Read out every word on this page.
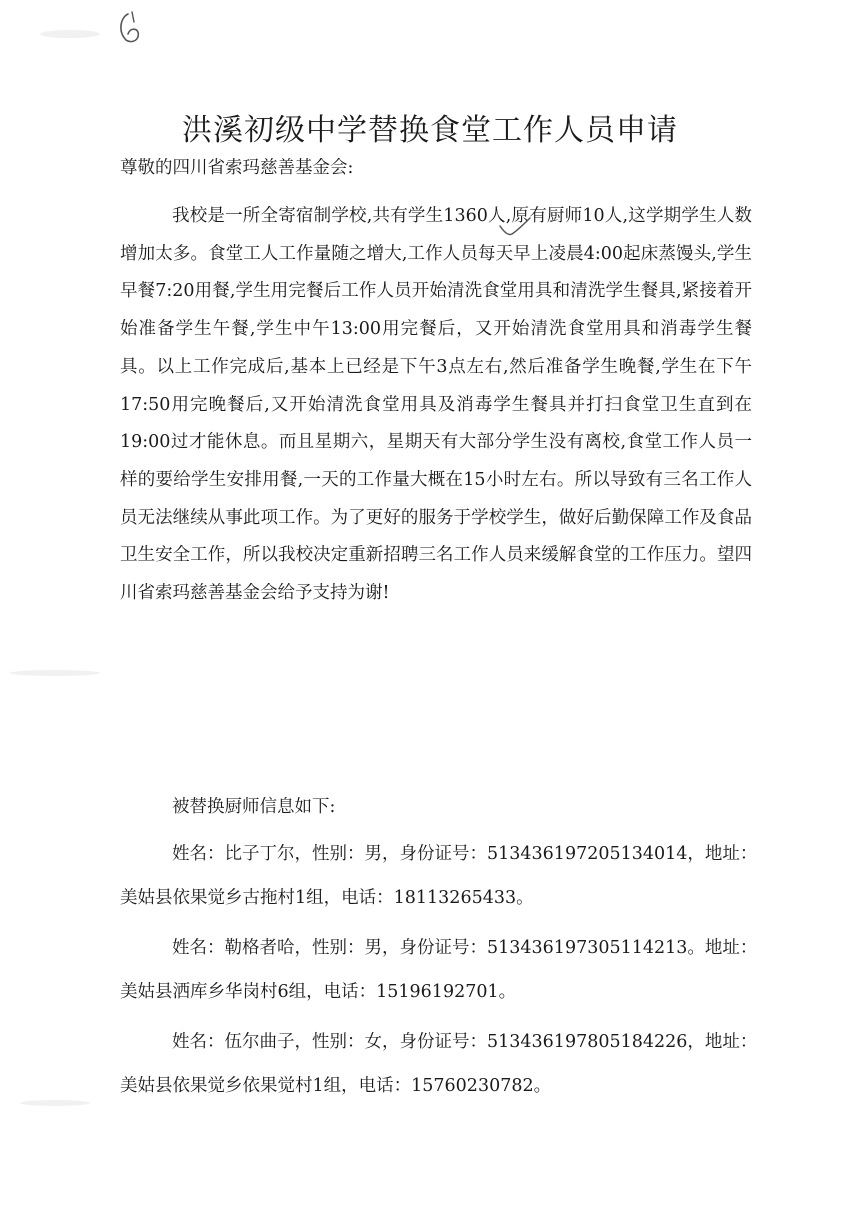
洪溪初级中学替换食堂工作人员申请
尊敬的四川省索玛慈善基金会:

我校是一所全寄宿制学校,共有学生1360人,原有厨师10人,这学期学生人数增加太多。食堂工人工作量随之增大,工作人员每天早上凌晨4:00起床蒸馒头,学生早餐7:20用餐,学生用完餐后工作人员开始清洗食堂用具和清洗学生餐具,紧接着开始准备学生午餐,学生中午13:00用完餐后，又开始清洗食堂用具和消毒学生餐具。以上工作完成后,基本上已经是下午3点左右,然后准备学生晚餐,学生在下午17:50用完晚餐后,又开始清洗食堂用具及消毒学生餐具并打扫食堂卫生直到在19:00过才能休息。而且星期六，星期天有大部分学生没有离校,食堂工作人员一样的要给学生安排用餐,一天的工作量大概在15小时左右。所以导致有三名工作人员无法继续从事此项工作。为了更好的服务于学校学生，做好后勤保障工作及食品卫生安全工作，所以我校决定重新招聘三名工作人员来缓解食堂的工作压力。望四川省索玛慈善基金会给予支持为谢!

被替换厨师信息如下:

姓名：比子丁尔，性别：男，身份证号：513436197205134014，地址：美姑县依果觉乡古拖村1组，电话：18113265433。

姓名：勒格者哈，性别：男，身份证号：513436197305114213。地址：美姑县洒库乡华岗村6组，电话：15196192701。

姓名：伍尔曲子，性别：女，身份证号：513436197805184226，地址：美姑县依果觉乡依果觉村1组，电话：15760230782。
